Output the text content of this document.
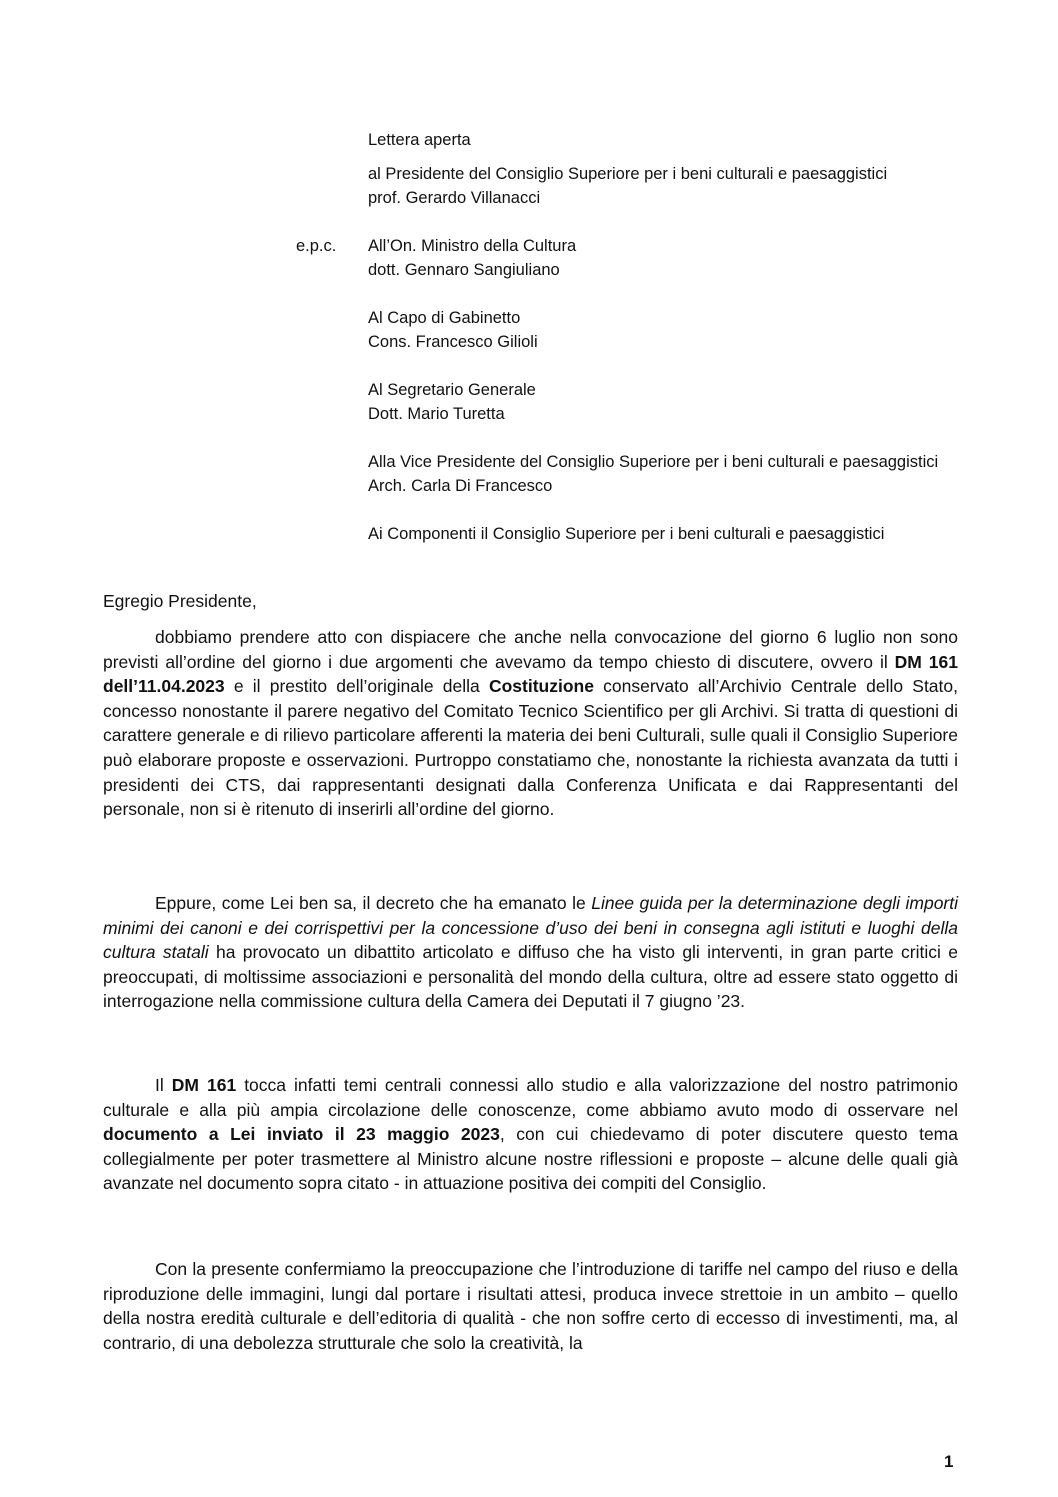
Lettera aperta
al Presidente del Consiglio Superiore per i beni culturali e paesaggistici
prof. Gerardo Villanacci
e.p.c. All’On. Ministro della Cultura
dott. Gennaro Sangiuliano
Al Capo di Gabinetto
Cons. Francesco Gilioli
Al Segretario Generale
Dott. Mario Turetta
Alla Vice Presidente del Consiglio Superiore per i beni culturali e paesaggistici
Arch. Carla Di Francesco
Ai Componenti il Consiglio Superiore per i beni culturali e paesaggistici
Egregio Presidente,

dobbiamo prendere atto con dispiacere che anche nella convocazione del giorno 6 luglio non sono previsti all’ordine del giorno i due argomenti che avevamo da tempo chiesto di discutere, ovvero il DM 161 dell’11.04.2023 e il prestito dell’originale della Costituzione conservato all’Archivio Centrale dello Stato, concesso nonostante il parere negativo del Comitato Tecnico Scientifico per gli Archivi. Si tratta di questioni di carattere generale e di rilievo particolare afferenti la materia dei beni Culturali, sulle quali il Consiglio Superiore può elaborare proposte e osservazioni. Purtroppo constatiamo che, nonostante la richiesta avanzata da tutti i presidenti dei CTS, dai rappresentanti designati dalla Conferenza Unificata e dai Rappresentanti del personale, non si è ritenuto di inserirli all’ordine del giorno.

Eppure, come Lei ben sa, il decreto che ha emanato le Linee guida per la determinazione degli importi minimi dei canoni e dei corrispettivi per la concessione d’uso dei beni in consegna agli istituti e luoghi della cultura statali ha provocato un dibattito articolato e diffuso che ha visto gli interventi, in gran parte critici e preoccupati, di moltissime associazioni e personalità del mondo della cultura, oltre ad essere stato oggetto di interrogazione nella commissione cultura della Camera dei Deputati il 7 giugno ’23.

Il DM 161 tocca infatti temi centrali connessi allo studio e alla valorizzazione del nostro patrimonio culturale e alla più ampia circolazione delle conoscenze, come abbiamo avuto modo di osservare nel documento a Lei inviato il 23 maggio 2023, con cui chiedevamo di poter discutere questo tema collegialmente per poter trasmettere al Ministro alcune nostre riflessioni e proposte – alcune delle quali già avanzate nel documento sopra citato - in attuazione positiva dei compiti del Consiglio.

Con la presente confermiamo la preoccupazione che l’introduzione di tariffe nel campo del riuso e della riproduzione delle immagini, lungi dal portare i risultati attesi, produca invece strettoie in un ambito – quello della nostra eredità culturale e dell’editoria di qualità - che non soffre certo di eccesso di investimenti, ma, al contrario, di una debolezza strutturale che solo la creatività, la

1
